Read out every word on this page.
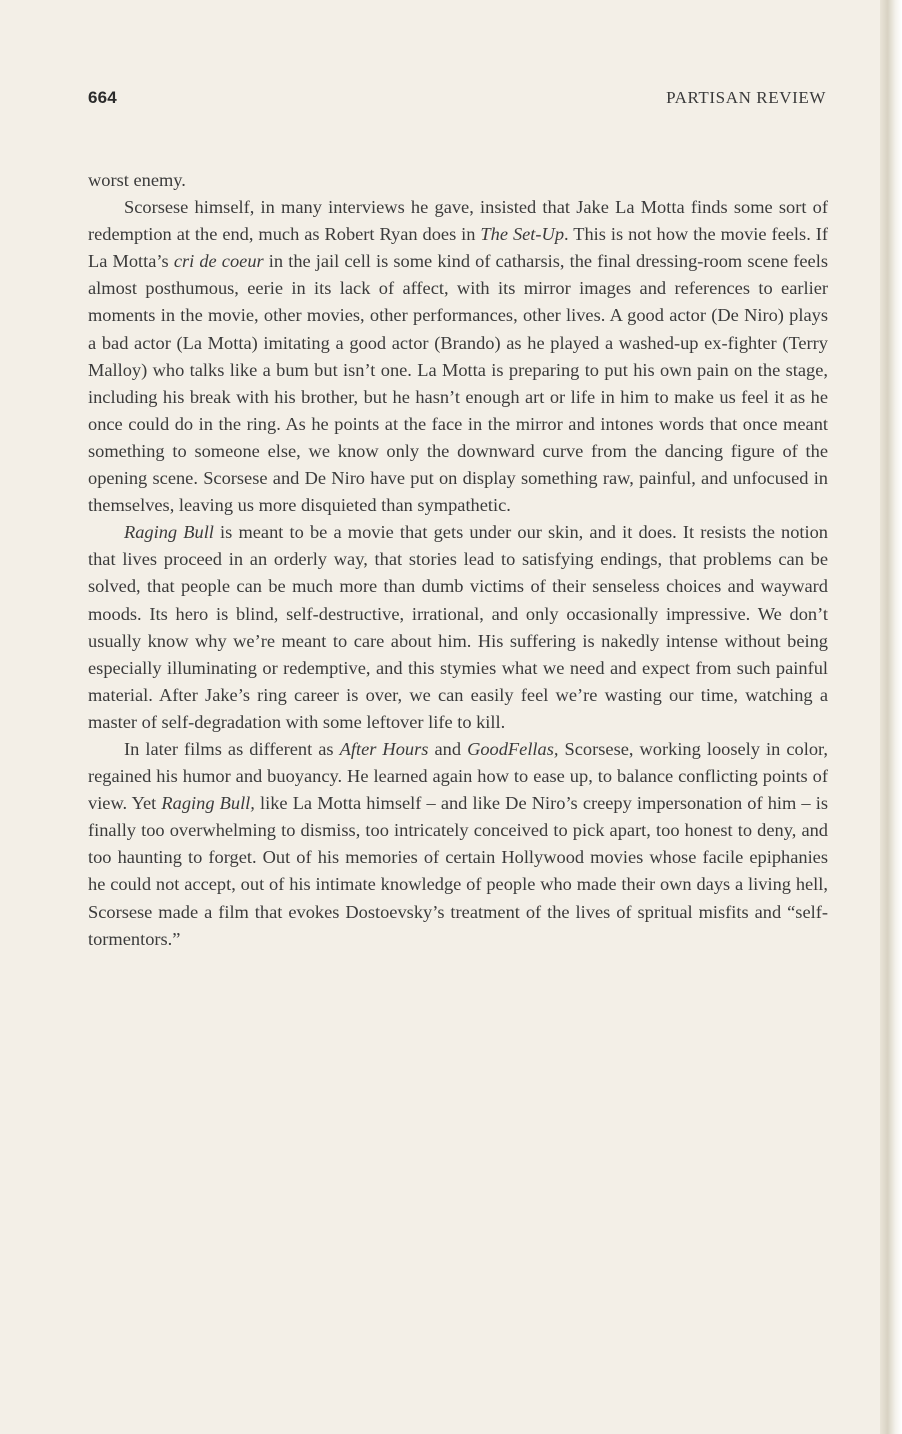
664	PARTISAN REVIEW

worst enemy.

Scorsese himself, in many interviews he gave, insisted that Jake La Motta finds some sort of redemption at the end, much as Robert Ryan does in The Set-Up. This is not how the movie feels. If La Motta’s cri de coeur in the jail cell is some kind of catharsis, the final dressing-room scene feels almost posthumous, eerie in its lack of affect, with its mirror images and references to earlier moments in the movie, other movies, other performances, other lives. A good actor (De Niro) plays a bad actor (La Motta) imitating a good actor (Brando) as he played a washed-up ex-fighter (Terry Malloy) who talks like a bum but isn’t one. La Motta is preparing to put his own pain on the stage, including his break with his brother, but he hasn’t enough art or life in him to make us feel it as he once could do in the ring. As he points at the face in the mirror and intones words that once meant something to someone else, we know only the downward curve from the dancing figure of the opening scene. Scorsese and De Niro have put on display something raw, painful, and unfocused in themselves, leaving us more disquieted than sympathetic.

Raging Bull is meant to be a movie that gets under our skin, and it does. It resists the notion that lives proceed in an orderly way, that stories lead to satisfying endings, that problems can be solved, that people can be much more than dumb victims of their senseless choices and wayward moods. Its hero is blind, self-destructive, irrational, and only occasionally impressive. We don’t usually know why we’re meant to care about him. His suffering is nakedly intense without being especially illuminating or redemptive, and this stymies what we need and expect from such painful material. After Jake’s ring career is over, we can easily feel we’re wasting our time, watching a master of self-degradation with some leftover life to kill.

In later films as different as After Hours and GoodFellas, Scorsese, working loosely in color, regained his humor and buoyancy. He learned again how to ease up, to balance conflicting points of view. Yet Raging Bull, like La Motta himself – and like De Niro’s creepy impersonation of him – is finally too overwhelming to dismiss, too intricately conceived to pick apart, too honest to deny, and too haunting to forget. Out of his memories of certain Hollywood movies whose facile epiphanies he could not accept, out of his intimate knowledge of people who made their own days a living hell, Scorsese made a film that evokes Dostoevsky’s treatment of the lives of spritual misfits and “self-tormentors.”
